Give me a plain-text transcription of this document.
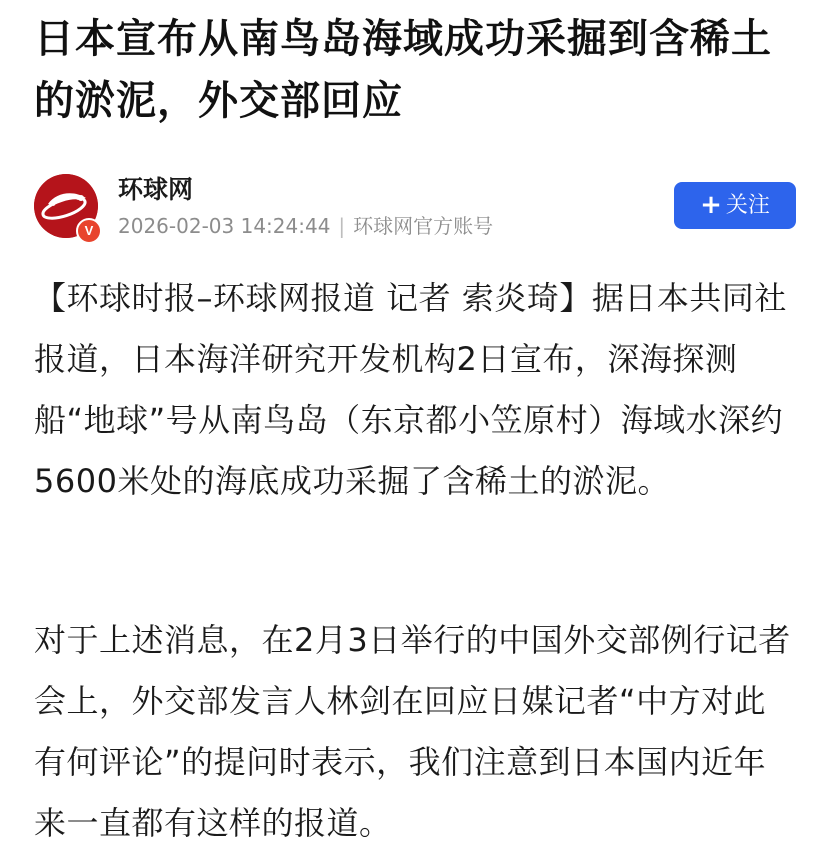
日本宣布从南鸟岛海域成功采掘到含稀土的淤泥，外交部回应
V
环球网
2026-02-03 14:24:44 | 环球网官方账号
+ 关注

【环球时报–环球网报道 记者 索炎琦】据日本共同社报道，日本海洋研究开发机构2日宣布，深海探测船“地球”号从南鸟岛（东京都小笠原村）海域水深约5600米处的海底成功采掘了含稀土的淤泥。

对于上述消息，在2月3日举行的中国外交部例行记者会上，外交部发言人林剑在回应日媒记者“中方对此有何评论”的提问时表示，我们注意到日本国内近年来一直都有这样的报道。
